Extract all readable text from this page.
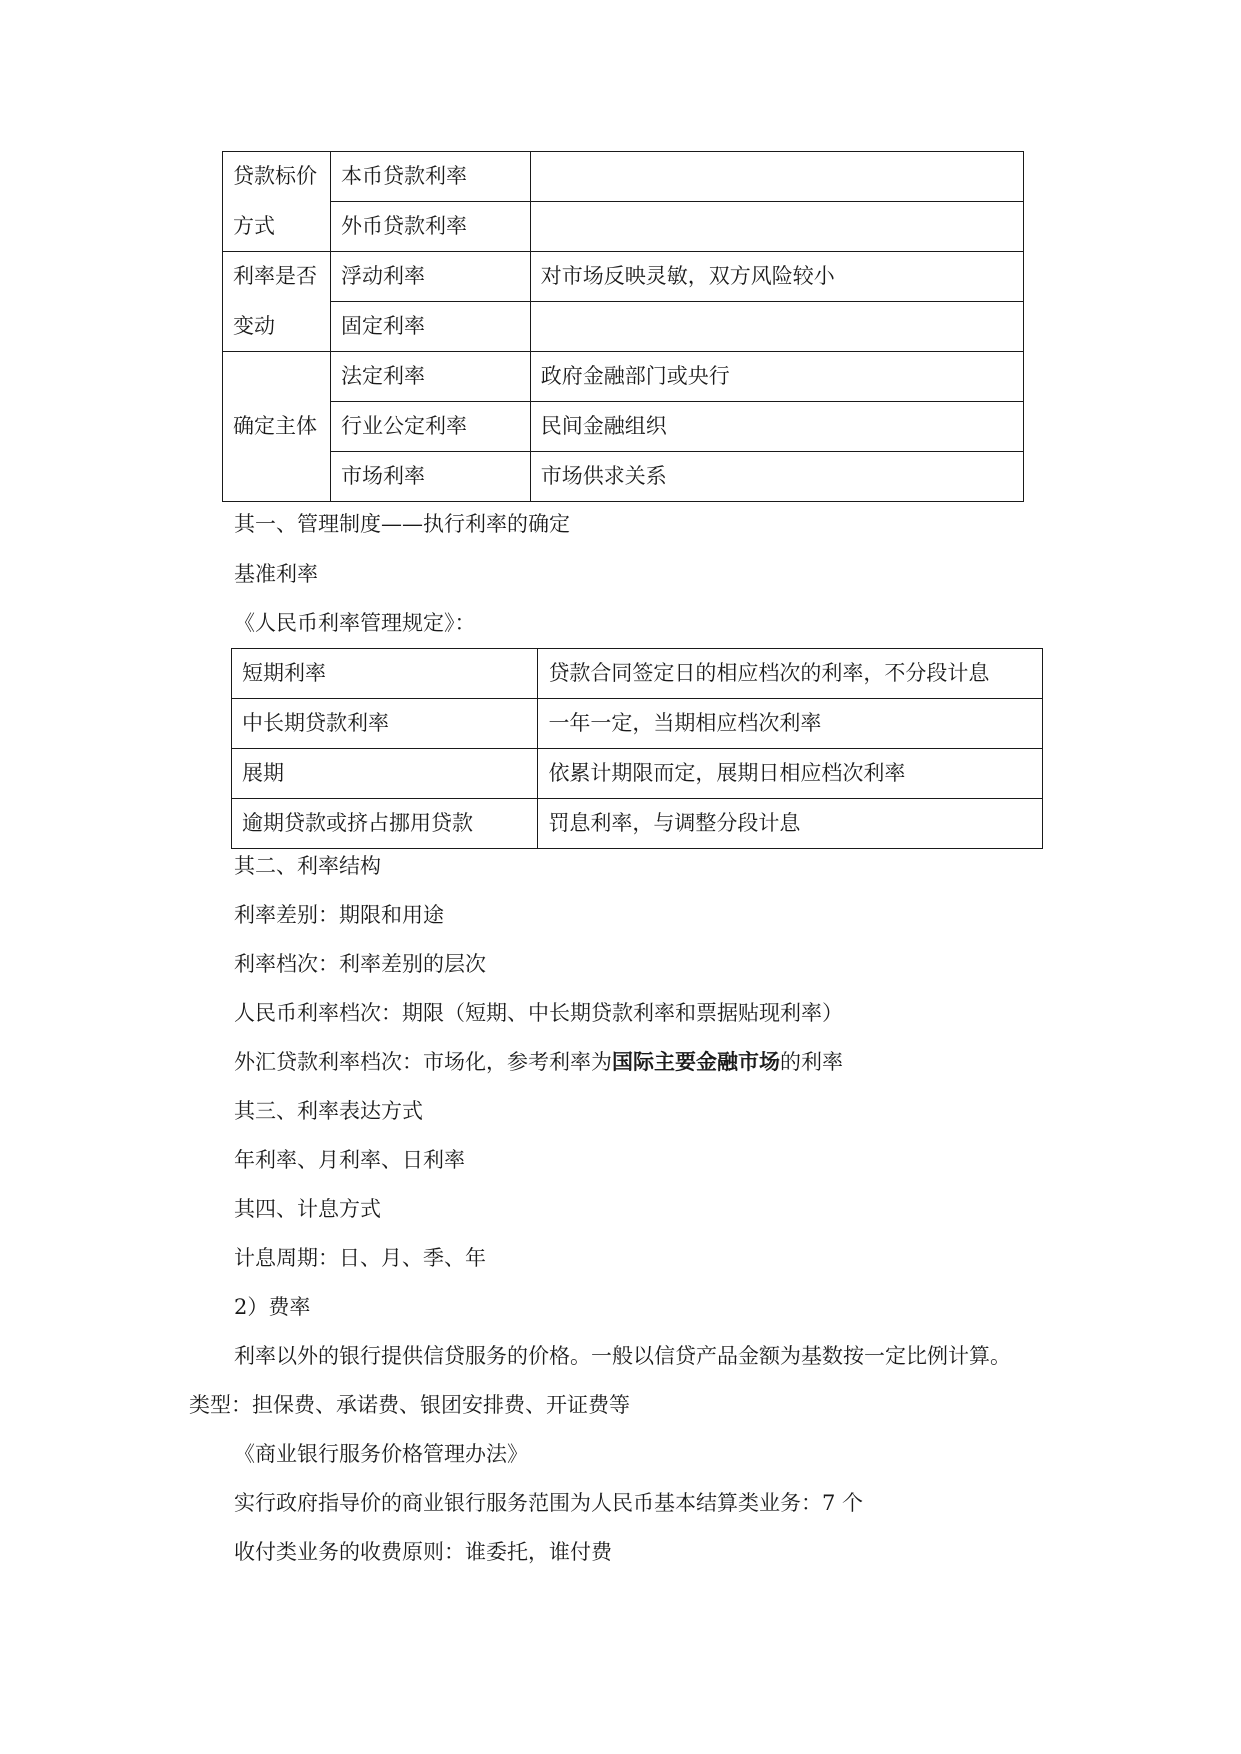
贷款标价	本币贷款利率	
方式	外币贷款利率	
利率是否	浮动利率	对市场反映灵敏，双方风险较小
变动	固定利率	
	法定利率	政府金融部门或央行
确定主体	行业公定利率	民间金融组织
	市场利率	市场供求关系
其一、管理制度——执行利率的确定
基准利率
《人民币利率管理规定》：
短期利率	贷款合同签定日的相应档次的利率，不分段计息
中长期贷款利率	一年一定，当期相应档次利率
展期	依累计期限而定，展期日相应档次利率
逾期贷款或挤占挪用贷款	罚息利率，与调整分段计息
其二、利率结构
利率差别：期限和用途
利率档次：利率差别的层次
人民币利率档次：期限（短期、中长期贷款利率和票据贴现利率）
外汇贷款利率档次：市场化，参考利率为国际主要金融市场的利率
其三、利率表达方式
年利率、月利率、日利率
其四、计息方式
计息周期：日、月、季、年
2）费率
利率以外的银行提供信贷服务的价格。一般以信贷产品金额为基数按一定比例计算。
类型：担保费、承诺费、银团安排费、开证费等
《商业银行服务价格管理办法》
实行政府指导价的商业银行服务范围为人民币基本结算类业务：7 个
收付类业务的收费原则：谁委托，谁付费
